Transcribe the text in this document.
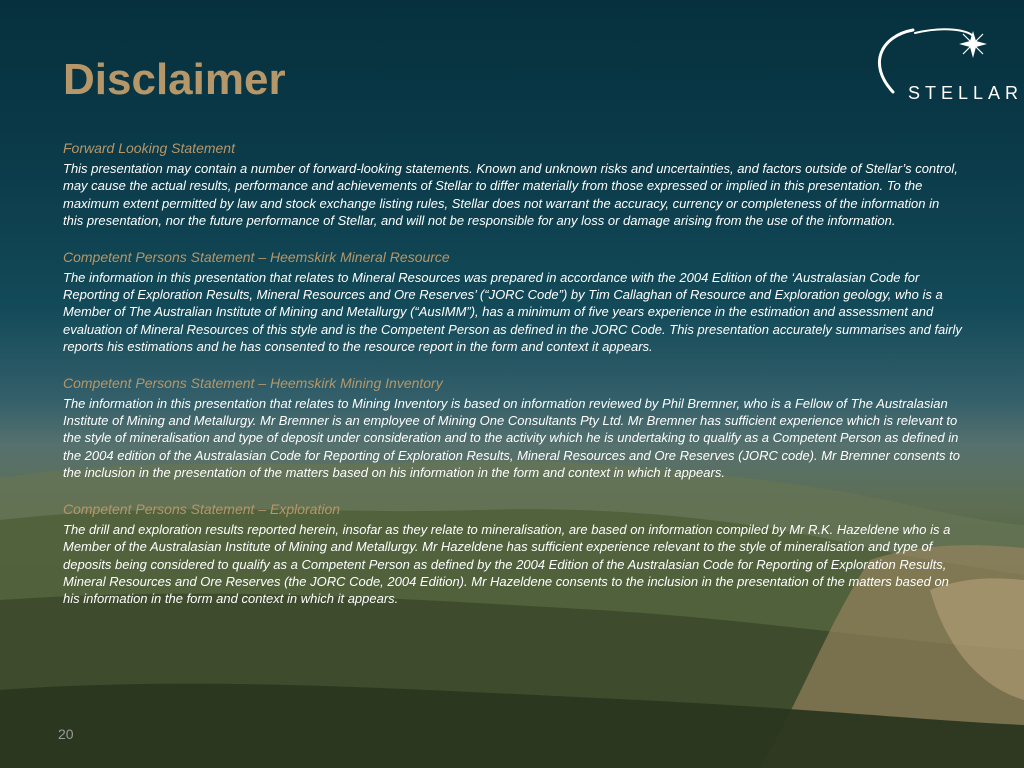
Disclaimer	STELLAR

Forward Looking Statement

This presentation may contain a number of forward-looking statements. Known and unknown risks and uncertainties, and factors outside of Stellar’s control, may cause the actual results, performance and achievements of Stellar to differ materially from those expressed or implied in this presentation. To the maximum extent permitted by law and stock exchange listing rules, Stellar does not warrant the accuracy, currency or completeness of the information in this presentation, nor the future performance of Stellar, and will not be responsible for any loss or damage arising from the use of the information.

Competent Persons Statement – Heemskirk Mineral Resource

The information in this presentation that relates to Mineral Resources was prepared in accordance with the 2004 Edition of the ‘Australasian Code for Reporting of Exploration Results, Mineral Resources and Ore Reserves’ (“JORC Code”) by Tim Callaghan of Resource and Exploration geology, who is a Member of The Australian Institute of Mining and Metallurgy (“AusIMM”), has a minimum of five years experience in the estimation and assessment and evaluation of Mineral Resources of this style and is the Competent Person as defined in the JORC Code. This presentation accurately summarises and fairly reports his estimations and he has consented to the resource report in the form and context it appears.

Competent Persons Statement – Heemskirk Mining Inventory

The information in this presentation that relates to Mining Inventory is based on information reviewed by Phil Bremner, who is a Fellow of The Australasian Institute of Mining and Metallurgy. Mr Bremner is an employee of Mining One Consultants Pty Ltd. Mr Bremner has sufficient experience which is relevant to the style of mineralisation and type of deposit under consideration and to the activity which he is undertaking to qualify as a Competent Person as defined in the 2004 edition of the Australasian Code for Reporting of Exploration Results, Mineral Resources and Ore Reserves (JORC code). Mr Bremner consents to the inclusion in the presentation of the matters based on his information in the form and context in which it appears.

Competent Persons Statement – Exploration

The drill and exploration results reported herein, insofar as they relate to mineralisation, are based on information compiled by Mr R.K. Hazeldene who is a Member of the Australasian Institute of Mining and Metallurgy. Mr Hazeldene has sufficient experience relevant to the style of mineralisation and type of deposits being considered to qualify as a Competent Person as defined by the 2004 Edition of the Australasian Code for Reporting of Exploration Results, Mineral Resources and Ore Reserves (the JORC Code, 2004 Edition). Mr Hazeldene consents to the inclusion in the presentation of the matters based on his information in the form and context in which it appears.

20
